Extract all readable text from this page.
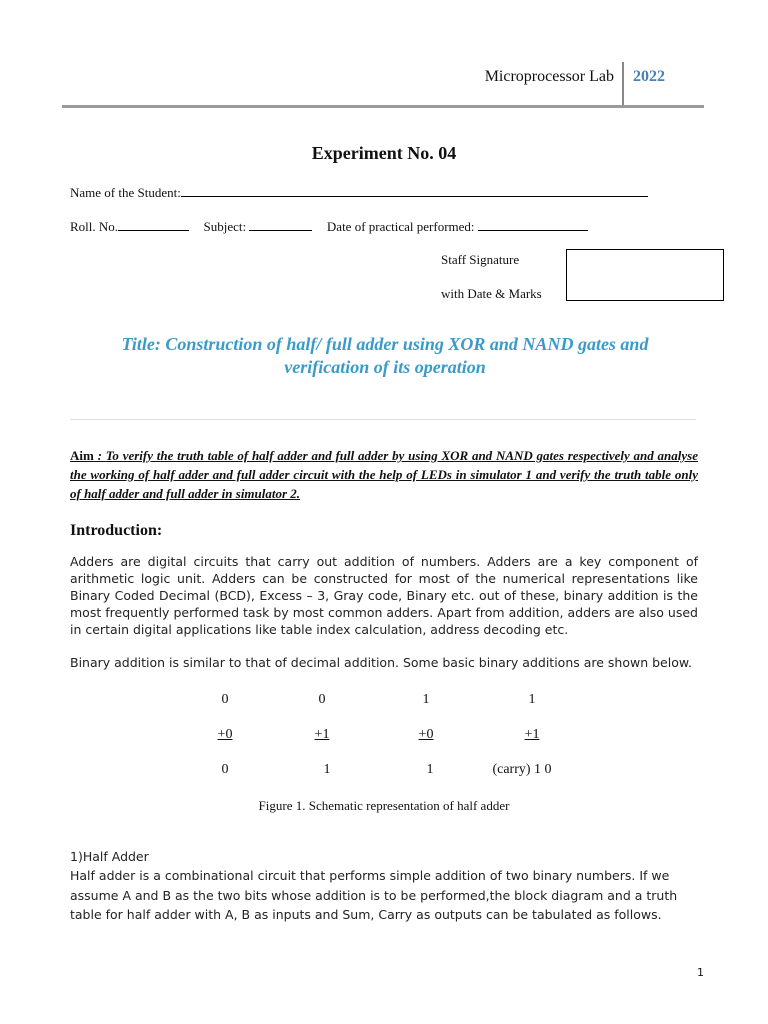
Microprocessor Lab 2022
Experiment No. 04
Name of the Student:
Roll. No.	Subject:	Date of practical performed:
Staff Signature
with Date & Marks
Title: Construction of half/ full adder using XOR and NAND gates and
verification of its operation
Aim : To verify the truth table of half adder and full adder by using XOR and NAND gates respectively and analyse the working of half adder and full adder circuit with the help of LEDs in simulator 1 and verify the truth table only of half adder and full adder in simulator 2.
Introduction:
Adders are digital circuits that carry out addition of numbers. Adders are a key component of arithmetic logic unit. Adders can be constructed for most of the numerical representations like Binary Coded Decimal (BCD), Excess – 3, Gray code, Binary etc. out of these, binary addition is the most frequently performed task by most common adders. Apart from addition, adders are also used in certain digital applications like table index calculation, address decoding etc.
Binary addition is similar to that of decimal addition. Some basic binary additions are shown below.
0	0	1	1
+0	+1	+0	+1
0	1	1	(carry) 1 0
Figure 1. Schematic representation of half adder
1)Half Adder
Half adder is a combinational circuit that performs simple addition of two binary numbers. If we assume A and B as the two bits whose addition is to be performed,the block diagram and a truth table for half adder with A, B as inputs and Sum, Carry as outputs can be tabulated as follows.
1
